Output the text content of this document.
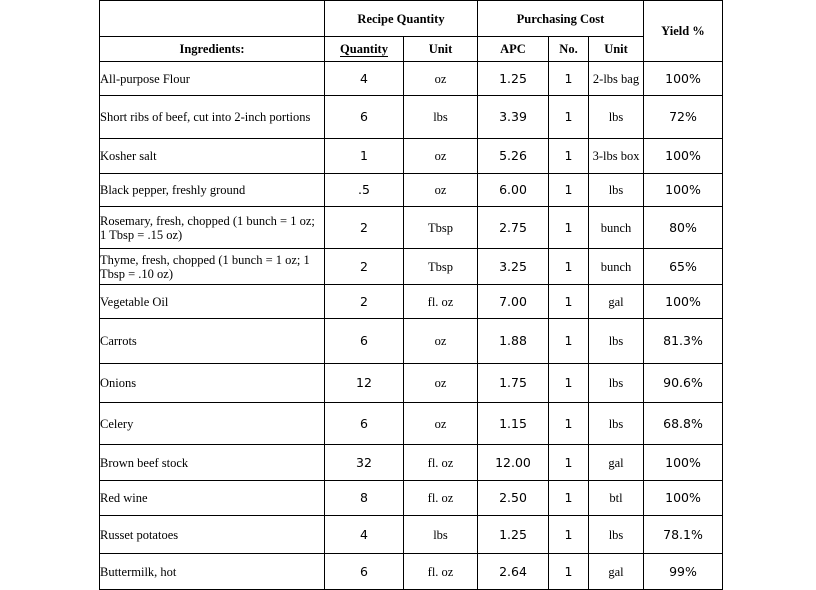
	Recipe Quantity		Purchasing Cost			Yield %
Ingredients:	Quantity	Unit	APC	No.	Unit	
All-purpose Flour	4	oz	1.25	1	2-lbs bag	100%
Short ribs of beef, cut into 2-inch portions	6	lbs	3.39	1	lbs	72%
Kosher salt	1	oz	5.26	1	3-lbs box	100%
Black pepper, freshly ground	.5	oz	6.00	1	lbs	100%
Rosemary, fresh, chopped (1 bunch = 1 oz; 1 Tbsp = .15 oz)	2	Tbsp	2.75	1	bunch	80%
Thyme, fresh, chopped (1 bunch = 1 oz; 1 Tbsp = .10 oz)	2	Tbsp	3.25	1	bunch	65%
Vegetable Oil	2	fl. oz	7.00	1	gal	100%
Carrots	6	oz	1.88	1	lbs	81.3%
Onions	12	oz	1.75	1	lbs	90.6%
Celery	6	oz	1.15	1	lbs	68.8%
Brown beef stock	32	fl. oz	12.00	1	gal	100%
Red wine	8	fl. oz	2.50	1	btl	100%
Russet potatoes	4	lbs	1.25	1	lbs	78.1%
Buttermilk, hot	6	fl. oz	2.64	1	gal	99%
